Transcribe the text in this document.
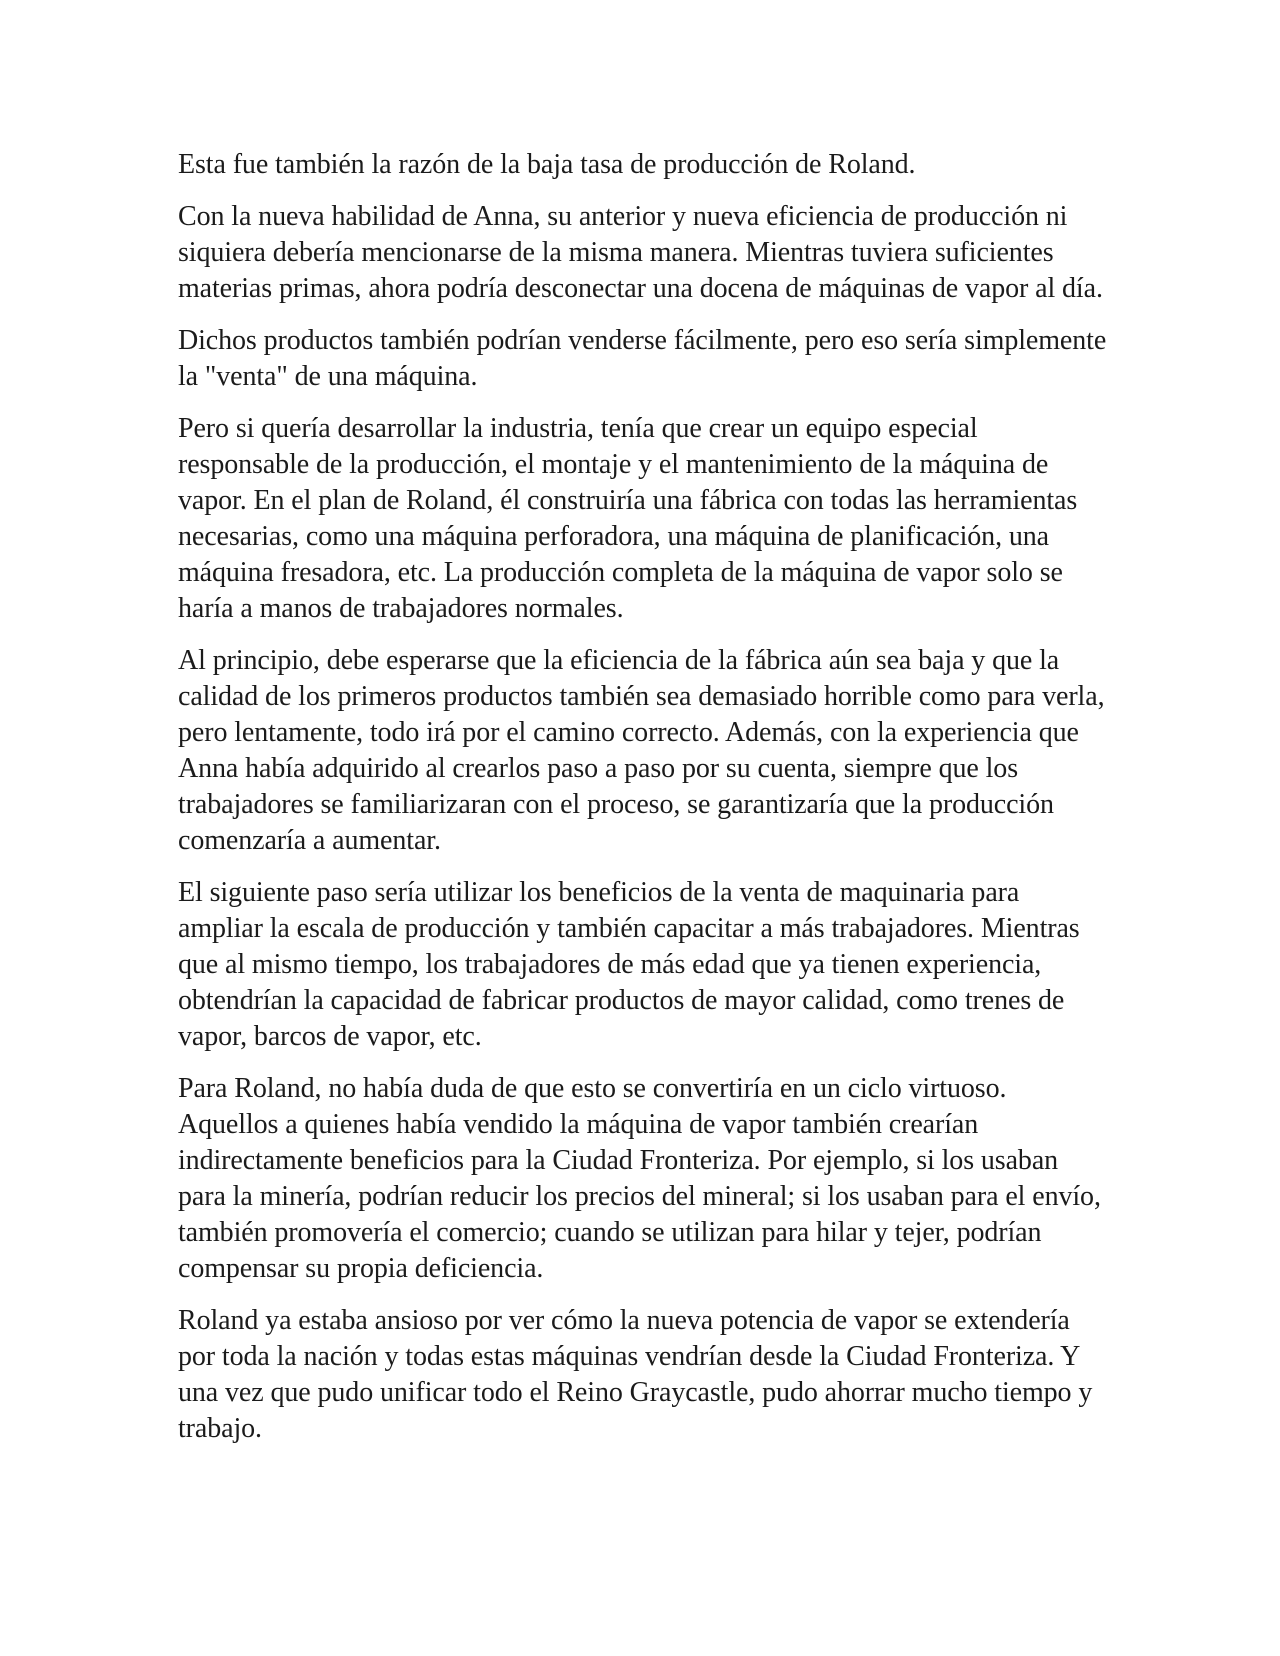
Esta fue también la razón de la baja tasa de producción de Roland.

Con la nueva habilidad de Anna, su anterior y nueva eficiencia de producción ni siquiera debería mencionarse de la misma manera. Mientras tuviera suficientes materias primas, ahora podría desconectar una docena de máquinas de vapor al día.

Dichos productos también podrían venderse fácilmente, pero eso sería simplemente la "venta" de una máquina.

Pero si quería desarrollar la industria, tenía que crear un equipo especial responsable de la producción, el montaje y el mantenimiento de la máquina de vapor. En el plan de Roland, él construiría una fábrica con todas las herramientas necesarias, como una máquina perforadora, una máquina de planificación, una máquina fresadora, etc. La producción completa de la máquina de vapor solo se haría a manos de trabajadores normales.

Al principio, debe esperarse que la eficiencia de la fábrica aún sea baja y que la calidad de los primeros productos también sea demasiado horrible como para verla, pero lentamente, todo irá por el camino correcto. Además, con la experiencia que Anna había adquirido al crearlos paso a paso por su cuenta, siempre que los trabajadores se familiarizaran con el proceso, se garantizaría que la producción comenzaría a aumentar.

El siguiente paso sería utilizar los beneficios de la venta de maquinaria para ampliar la escala de producción y también capacitar a más trabajadores. Mientras que al mismo tiempo, los trabajadores de más edad que ya tienen experiencia, obtendrían la capacidad de fabricar productos de mayor calidad, como trenes de vapor, barcos de vapor, etc.

Para Roland, no había duda de que esto se convertiría en un ciclo virtuoso. Aquellos a quienes había vendido la máquina de vapor también crearían indirectamente beneficios para la Ciudad Fronteriza. Por ejemplo, si los usaban para la minería, podrían reducir los precios del mineral; si los usaban para el envío, también promovería el comercio; cuando se utilizan para hilar y tejer, podrían compensar su propia deficiencia.

Roland ya estaba ansioso por ver cómo la nueva potencia de vapor se extendería por toda la nación y todas estas máquinas vendrían desde la Ciudad Fronteriza. Y una vez que pudo unificar todo el Reino Graycastle, pudo ahorrar mucho tiempo y trabajo.
